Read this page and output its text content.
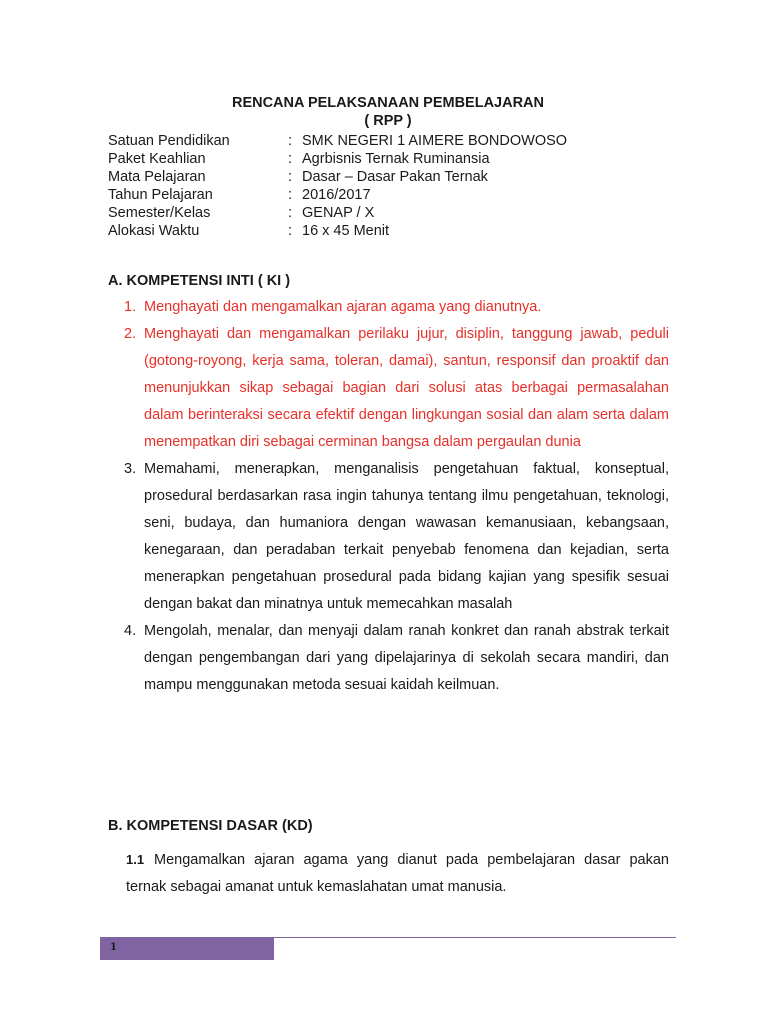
RENCANA PELAKSANAAN PEMBELAJARAN
( RPP )
Satuan Pendidikan	: SMK NEGERI 1 AIMERE BONDOWOSO
Paket Keahlian	: Agrbisnis Ternak Ruminansia
Mata Pelajaran	: Dasar – Dasar Pakan Ternak
Tahun Pelajaran	: 2016/2017
Semester/Kelas	: GENAP / X
Alokasi Waktu	: 16 x 45 Menit
A. KOMPETENSI INTI ( KI )
1. Menghayati dan mengamalkan ajaran agama yang dianutnya.
2. Menghayati dan mengamalkan perilaku jujur, disiplin, tanggung jawab, peduli (gotong-royong, kerja sama, toleran, damai), santun, responsif dan proaktif dan menunjukkan sikap sebagai bagian dari solusi atas berbagai permasalahan dalam berinteraksi secara efektif dengan lingkungan sosial dan alam serta dalam menempatkan diri sebagai cerminan bangsa dalam pergaulan dunia
3. Memahami, menerapkan, menganalisis pengetahuan faktual, konseptual, prosedural berdasarkan rasa ingin tahunya tentang ilmu pengetahuan, teknologi, seni, budaya, dan humaniora dengan wawasan kemanusiaan, kebangsaan, kenegaraan, dan peradaban terkait penyebab fenomena dan kejadian, serta menerapkan pengetahuan prosedural pada bidang kajian yang spesifik sesuai dengan bakat dan minatnya untuk memecahkan masalah
4. Mengolah, menalar, dan menyaji dalam ranah konkret dan ranah abstrak terkait dengan pengembangan dari yang dipelajarinya di sekolah secara mandiri, dan mampu menggunakan metoda sesuai kaidah keilmuan.
B. KOMPETENSI DASAR (KD)
1.1 Mengamalkan ajaran agama yang dianut pada pembelajaran dasar pakan ternak sebagai amanat untuk kemaslahatan umat manusia.
1
